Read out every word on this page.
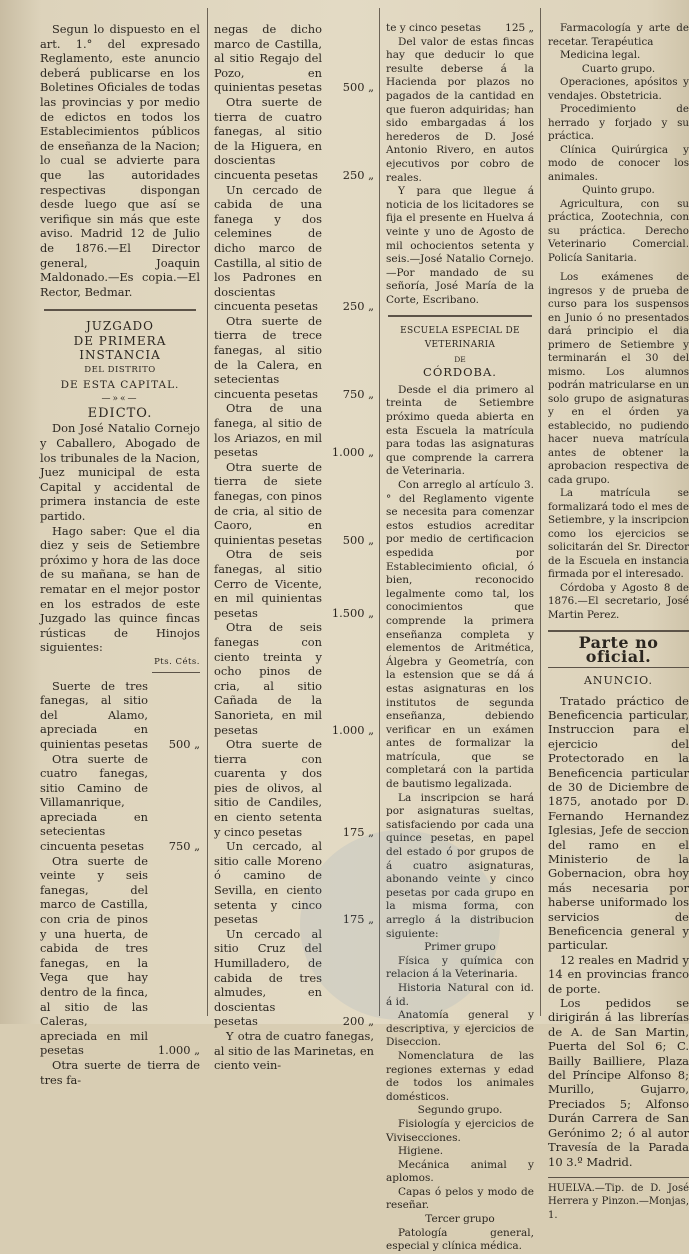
Segun lo dispuesto en el art. 1.° del expresado Reglamento, este anuncio deberá publicarse en los Boletines Oficiales de todas las provincias y por medio de edictos en todos los Establecimientos públicos de enseñanza de la Nacion; lo cual se advierte para que las autoridades respectivas dispongan desde luego que así se verifique sin más que este aviso. Madrid 12 de Julio de 1876.—El Director general, Joaquin Maldonado.—Es copia.—El Rector, Bedmar.

JUZGADO

DE PRIMERA INSTANCIA

DEL DISTRITO

DE ESTA CAPITAL.

—»«—

EDICTO.

Don José Natalio Cornejo y Caballero, Abogado de los tribunales de la Nacion, Juez municipal de esta Capital y accidental de primera instancia de este partido.

Hago saber: Que el dia diez y seis de Setiembre próximo y hora de las doce de su mañana, se han de rematar en el mejor postor en los estrados de este Juzgado las quince fincas rústicas de Hinojos siguientes:

Pts. Céts.

Suerte de tres fanegas, al sitio del Alamo, apreciada en quinientas pesetas	500 „

Otra suerte de cuatro fanegas, sitio Camino de Villamanrique, apreciada en setecientas cincuenta pesetas	750 „

Otra suerte de veinte y seis fanegas, del marco de Castilla, con cria de pinos y una huerta, de cabida de tres fanegas, en la Vega que hay dentro de la finca, al sitio de las Caleras, apreciada en mil pesetas	1.000 „

Otra suerte de tierra de tres fa-

negas de dicho marco de Castilla, al sitio Regajo del Pozo, en quinientas pesetas	500 „

Otra suerte de tierra de cuatro fanegas, al sitio de la Higuera, en doscientas cincuenta pesetas	250 „

Un cercado de cabida de una fanega y dos celemines de dicho marco de Castilla, al sitio de los Padrones en doscientas cincuenta pesetas	250 „

Otra suerte de tierra de trece fanegas, al sitio de la Calera, en setecientas cincuenta pesetas	750 „

Otra de una fanega, al sitio de los Ariazos, en mil pesetas	1.000 „

Otra suerte de tierra de siete fanegas, con pinos de cria, al sitio de Caoro, en quinientas pesetas	500 „

Otra de seis fanegas, al sitio Cerro de Vicente, en mil quinientas pesetas	1.500 „

Otra de seis fanegas con ciento treinta y ocho pinos de cria, al sitio Cañada de la Sanorieta, en mil pesetas	1.000 „

Otra suerte de tierra con cuarenta y dos pies de olivos, al sitio de Candiles, en ciento setenta y cinco pesetas	175 „

Un cercado, al sitio calle Moreno ó camino de Sevilla, en ciento setenta y cinco pesetas	175 „

Un cercado al sitio Cruz del Humilladero, de cabida de tres almudes, en doscientas pesetas	200 „

Y otra de cuatro fanegas, al sitio de las Marinetas, en ciento vein-

te y cinco pesetas	125 „

Del valor de estas fincas hay que deducir lo que resulte deberse á la Hacienda por plazos no pagados de la cantidad en que fueron adquiridas; han sido embargadas á los herederos de D. José Antonio Rivero, en autos ejecutivos por cobro de reales.

Y para que llegue á noticia de los licitadores se fija el presente en Huelva á veinte y uno de Agosto de mil ochocientos setenta y seis.—José Natalio Cornejo.—Por mandado de su señoría, José María de la Corte, Escribano.

ESCUELA ESPECIAL DE VETERINARIA

DE

CÓRDOBA.

Desde el dia primero al treinta de Setiembre próximo queda abierta en esta Escuela la matrícula para todas las asignaturas que comprende la carrera de Veterinaria.

Con arreglo al artículo 3.° del Reglamento vigente se necesita para comenzar estos estudios acreditar por medio de certificacion espedida por Establecimiento oficial, ó bien, reconocido legalmente como tal, los conocimientos que comprende la primera enseñanza completa y elementos de Aritmética, Álgebra y Geometría, con la estension que se dá á estas asignaturas en los institutos de segunda enseñanza, debiendo verificar en un exámen antes de formalizar la matrícula, que se completará con la partida de bautismo legalizada.

La inscripcion se hará por asignaturas sueltas, satisfaciendo por cada una quince pesetas, en papel del estado ó por grupos de á cuatro asignaturas, abonando veinte y cinco pesetas por cada grupo en la misma forma, con arreglo á la distribucion siguiente:

Primer grupo

Física y química con relacion á la Veterinaria.

Historia Natural con id. á id.

Anatomía general y descriptiva, y ejercicios de Diseccion.

Nomenclatura de las regiones externas y edad de todos los animales domésticos.

Segundo grupo.

Fisiología y ejercicios de Vivisecciones.

Higiene.

Mecánica animal y aplomos.

Capas ó pelos y modo de reseñar.

Tercer grupo

Patología general, especial y clínica médica.

Farmacología y arte de recetar. Terapéutica

Medicina legal.

Cuarto grupo.

Operaciones, apósitos y vendajes. Obstetricia.

Procedimiento de herrado y forjado y su práctica.

Clínica Quirúrgica y modo de conocer los animales.

Quinto grupo.

Agricultura, con su práctica, Zootechnia, con su práctica. Derecho Veterinario Comercial. Policía Sanitaria.

Los exámenes de ingresos y de prueba de curso para los suspensos en Junio ó no presentados dará principio el dia primero de Setiembre y terminarán el 30 del mismo. Los alumnos podrán matricularse en un solo grupo de asignaturas y en el órden ya establecido, no pudiendo hacer nueva matrícula antes de obtener la aprobacion respectiva de cada grupo.

La matrícula se formalizará todo el mes de Setiembre, y la inscripcion como los ejercicios se solicitarán del Sr. Director de la Escuela en instancia firmada por el interesado.

Córdoba y Agosto 8 de 1876.—El secretario, José Martin Perez.

Parte no oficial.

ANUNCIO.

Tratado práctico de Beneficencia particular, Instruccion para el ejercicio del Protectorado en la Beneficencia particular de 30 de Diciembre de 1875, anotado por D. Fernando Hernandez Iglesias, Jefe de seccion del ramo en el Ministerio de la Gobernacion, obra hoy más necesaria por haberse uniformado los servicios de Beneficencia general y particular.

12 reales en Madrid y 14 en provincias franco de porte.

Los pedidos se dirigirán á las librerías de A. de San Martin, Puerta del Sol 6; C. Bailly Bailliere, Plaza del Príncipe Alfonso 8; Murillo, Gujarro, Preciados 5; Alfonso Durán Carrera de San Gerónimo 2; ó al autor Travesía de la Parada 10 3.º Madrid.

HUELVA.—Tip. de D. José Herrera y Pinzon.—Monjas, 1.
